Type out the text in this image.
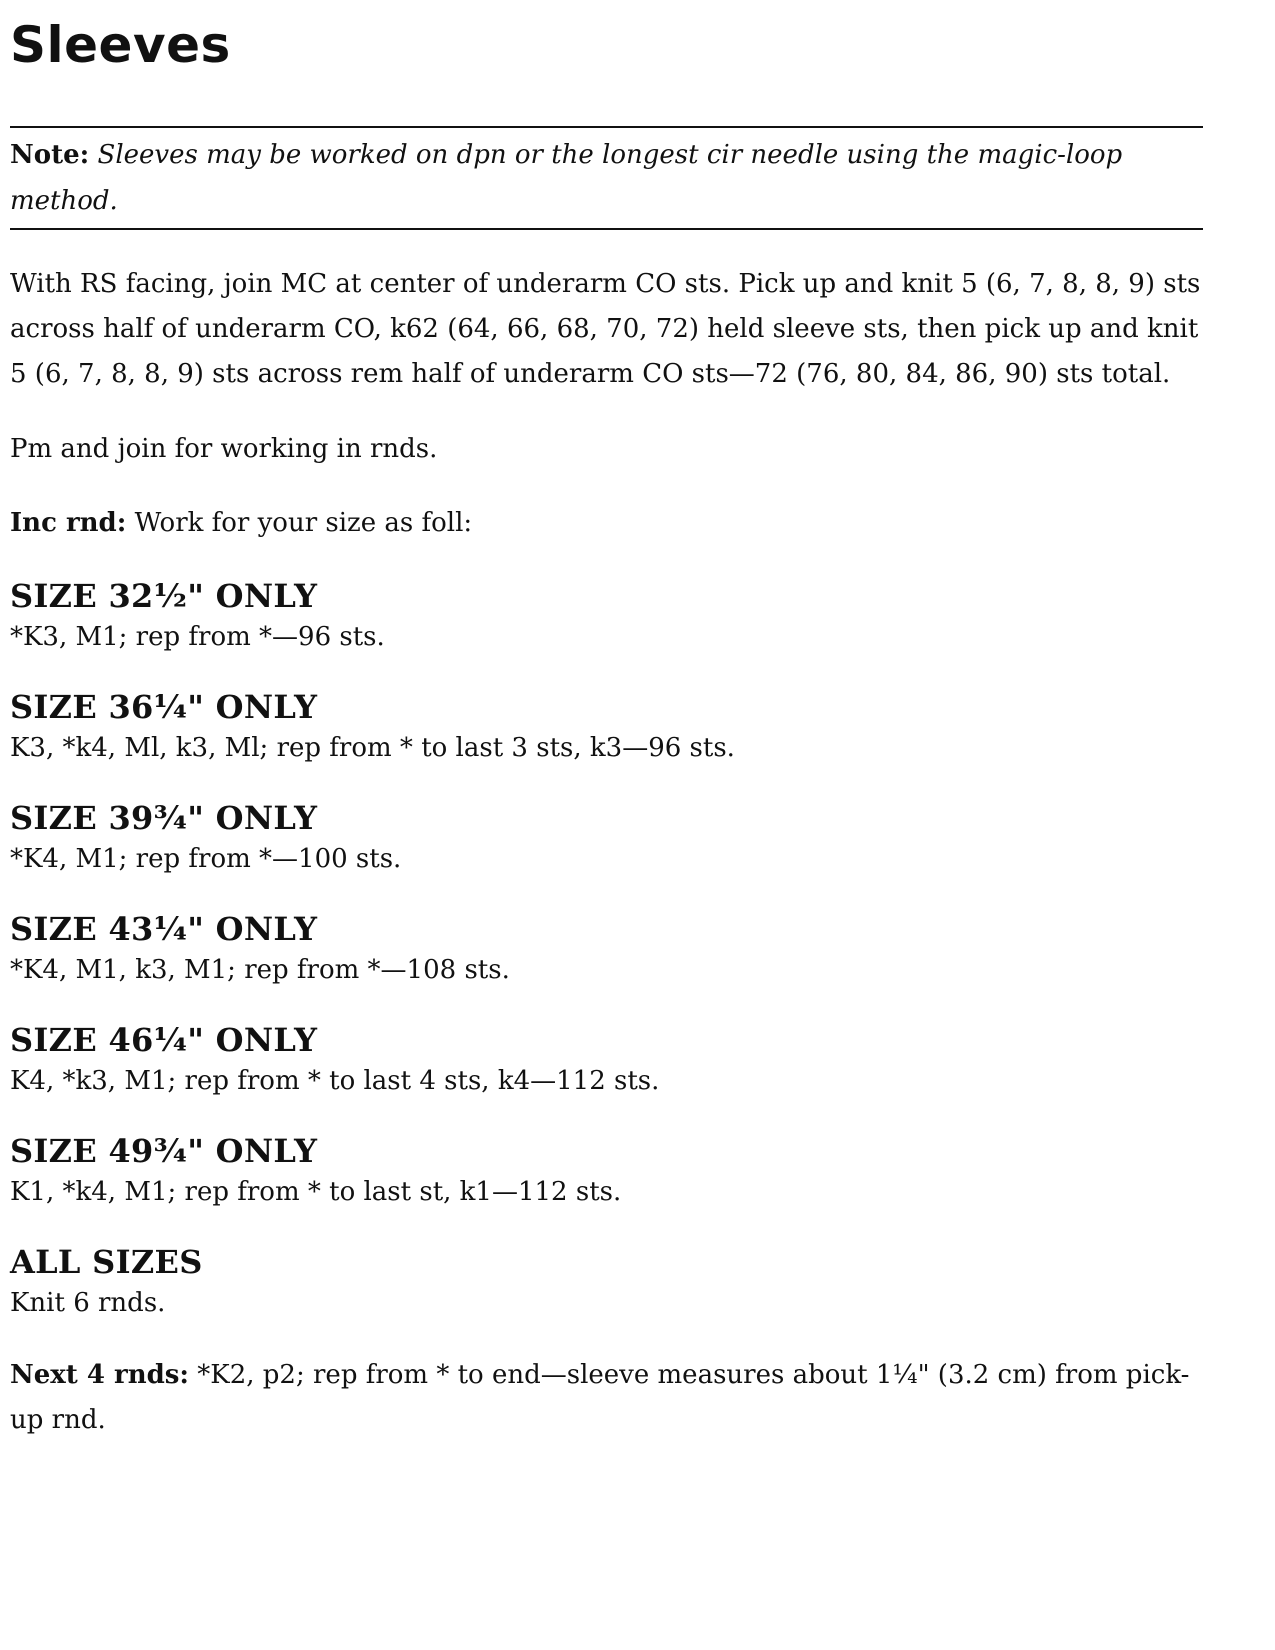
Sleeves
Note: Sleeves may be worked on dpn or the longest cir needle using the magic-loop method.

With RS facing, join MC at center of underarm CO sts. Pick up and knit 5 (6, 7, 8, 8, 9) sts across half of underarm CO, k62 (64, 66, 68, 70, 72) held sleeve sts, then pick up and knit 5 (6, 7, 8, 8, 9) sts across rem half of underarm CO sts—72 (76, 80, 84, 86, 90) sts total.

Pm and join for working in rnds.

Inc rnd: Work for your size as foll:

SIZE 32½" ONLY

*K3, M1; rep from *—96 sts.

SIZE 36¼" ONLY

K3, *k4, Ml, k3, Ml; rep from * to last 3 sts, k3—96 sts.

SIZE 39¾" ONLY

*K4, M1; rep from *—100 sts.

SIZE 43¼" ONLY

*K4, M1, k3, M1; rep from *—108 sts.

SIZE 46¼" ONLY

K4, *k3, M1; rep from * to last 4 sts, k4—112 sts.

SIZE 49¾" ONLY

K1, *k4, M1; rep from * to last st, k1—112 sts.

ALL SIZES

Knit 6 rnds.

Next 4 rnds: *K2, p2; rep from * to end—sleeve measures about 1¼" (3.2 cm) from pick-up rnd.
